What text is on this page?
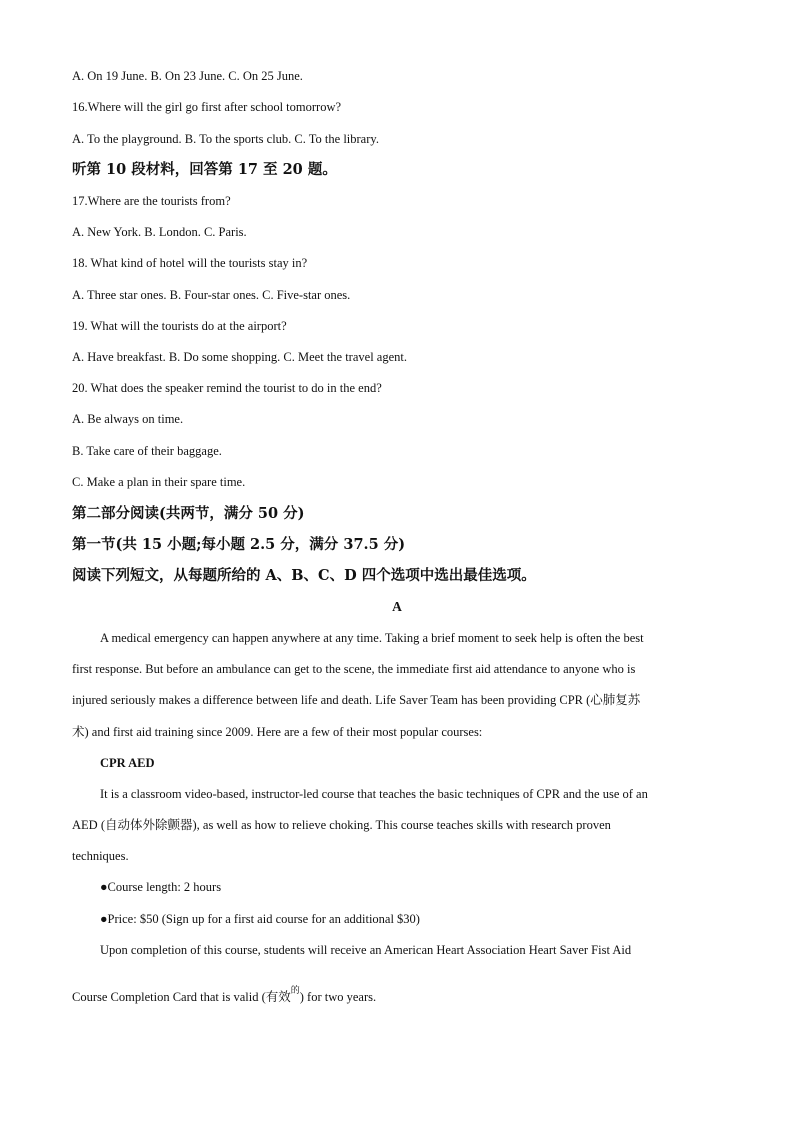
A. On 19 June. B. On 23 June. C. On 25 June.
16.Where will the girl go first after school tomorrow?
A. To the playground. B. To the sports club. C. To the library.
听第 10 段材料，回答第 17 至 20 题。
17.Where are the tourists from?
A. New York. B. London. C. Paris.
18. What kind of hotel will the tourists stay in?
A. Three star ones. B. Four-star ones. C. Five-star ones.
19. What will the tourists do at the airport?
A. Have breakfast. B. Do some shopping. C. Meet the travel agent.
20. What does the speaker remind the tourist to do in the end?
A. Be always on time.
B. Take care of their baggage.
C. Make a plan in their spare time.
第二部分阅读(共两节，满分 50 分)
第一节(共 15 小题;每小题 2.5 分，满分 37.5 分)
阅读下列短文，从每题所给的 A、B、C、D 四个选项中选出最佳选项。
A
A medical emergency can happen anywhere at any time. Taking a brief moment to seek help is often the best
first response. But before an ambulance can get to the scene, the immediate first aid attendance to anyone who is
injured seriously makes a difference between life and death. Life Saver Team has been providing CPR (心肺复苏
术) and first aid training since 2009. Here are a few of their most popular courses:
CPR AED
It is a classroom video-based, instructor-led course that teaches the basic techniques of CPR and the use of an
AED (自动体外除颤器), as well as how to relieve choking. This course teaches skills with research proven
techniques.
●Course length: 2 hours
●Price: $50 (Sign up for a first aid course for an additional $30)
Upon completion of this course, students will receive an American Heart Association Heart Saver Fist Aid
Course Completion Card that is valid (有效$^的$) for two years.
